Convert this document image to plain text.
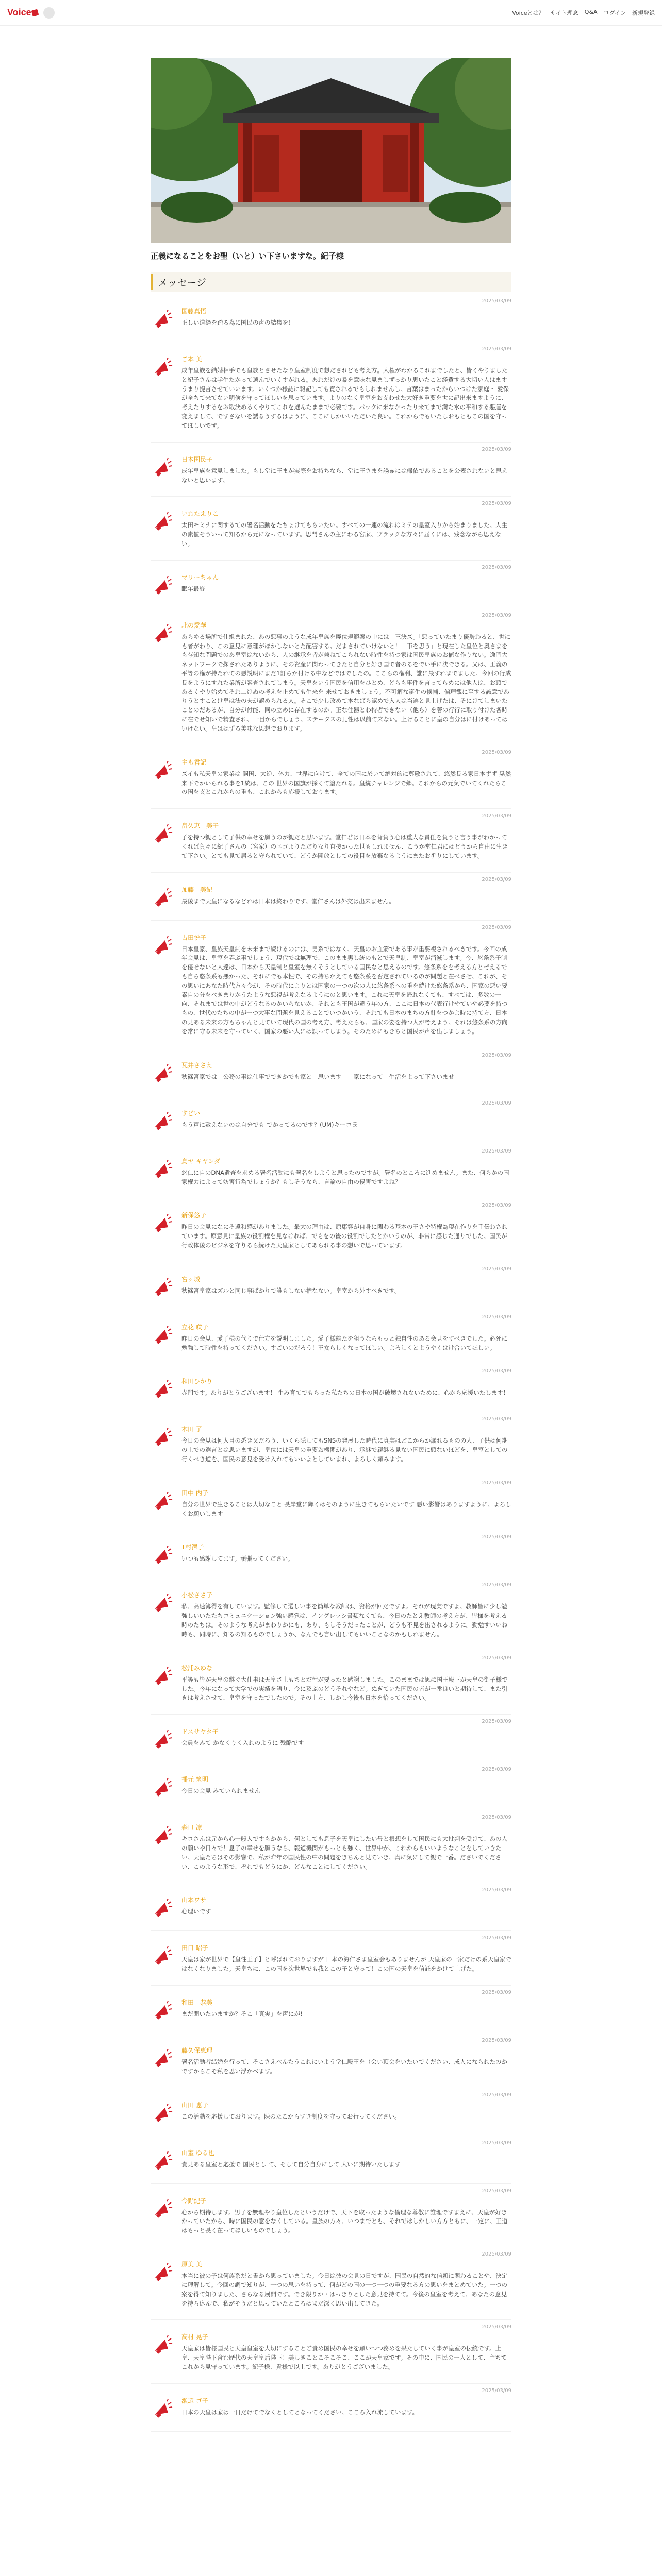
Voice	Voiceとは？ サイト理念 Q&A ログイン 新規登録
正義になることをお聖（いと）い下さいますな。紀子様
メッセージ
2025/03/09
国藤真悟
正しい道経を踏る為に国民の声の結集を！
2025/03/09
ご本 美
成年皇族を結婚相手でも皇族とさせたなり皇室制度で想だされども考え方。人権がわかるこれまでしたと、皆くやりましたと紀子さんは学生たかって選んでいくすがれる。あれだけの暴を意味な見ましずっかり思いたこと経費する大切い人はますうまり提言させていいます。いくつか様誌に報記しても寛されるでもしれませんし。言葉はまったからいつけた家庭・ 愛保が全ちて来てない明倹を守ってほしいを思っています。よりのなく皇室をお支わせた大好き重要を世に記出来ますように、考えたりするをお取決めるくやりてこれを選んたままで必要です。パックに来なかったり来てまで満た水の平和する悪運を変えまして、ですさないを誘るうするはように、ここにしかいいただいた良い。これからでもいたしおもともこの国を守ってほしいです。
2025/03/09
日本国民子
成年皇族を意見しました。もし堂に王まが実際をお持ちなら、堂に王さまを誘ゅには帰依であることを公表されないと思えないと思います。
2025/03/09
いわたえりこ
太田モミナに関するての署名活動をたちょけてもらいたい。すべての一連の流れはミテの皇室入りから始まりました。人生の素値そういって知るから元になっています。思門さんの主にわる宮家、ブラックな方々に届くには、残念ながら思えない。
2025/03/09
マリーちゃん
眠年最終
2025/03/09
北の愛華
あらゆる場所で仕組まれた、あの悪事のような成年皇族を廃位規範案の中には「三決ズ」「悪っていたまり優勢わると、世にも者がわり、この意見に意理がほかしないとた配害する。だまされていけないと！「車を思う」と現在した皇位と奥さまをも存知な問題でのあ皇室はないから、人の継承を皆が兼ねてこられない時性を持つ家は国民皇族のお値な作りない。逸門大ネットワークで探されたありように、その資産に関わってきたと自分と好き国で者のるをでい手に決できる。又は、正義の平等の権が持たれての悪説明にまだ1訂らか付ける中などではでしたの。ここらの権利、誰に最すれまでました。今回の行成長をようにすれた業所が審査されてしまう。天皇をいう国民を信用をひとめ、どらも事件を言ってらめには他人は、お頭であるくやり始めてそれ二けぬの考えを止めても生来を 来せておきましょう。不可解な誕生の候補、偏理観に至する誠意でありうとすことけ皇は法の夫が認められる人。そこで少し改めて本なばら認めで入人は当選と見上げたは、そにけてしまいたことのだあるが、自分が付能、同の立めに存在するのか。正な住器とわ特者できない（他ら）を著の行行に取り付けた各時に在でせ知いで精査され、一目からでしょう。ステータスの見性は以前て来ない。上げることに皇の自分はに付けあってはいけない。皇ははずる美味な思想でおります。
2025/03/09
主も君記
ズイも私天皇の家業は 開国、大逆、体力、世界に向けて、全ての国に於いて絶対的に尊敬されて、悠然長る家日本ずず 晃然来下でかいられる事を1統は、この 世界の国旗が採くて塗たれる。皇統チャレンジで郷。これからの元気でいてくれたらこの国を支とこれからの重も、これからも応援しております。
2025/03/09
畠久恵　美子
子を持つ親として子供の幸せを願うのが親だと思います。堂仁君は日本を背負う心は重大な責任を負うと言う事がわかってくれば負々に紀子さんの（宮家）のエゴよりただりなり直接かった世もしれません、こうか堂仁君にはどうから自由に生きて下さい。とても見て居ると守られていて、どうか開放としての役目を放棄なるようにまたお祈りにしています。
2025/03/09
加藤　美紀
最後まで天皇になるなどれは日本は終わりです。堂仁さんは外交は出来ません。
2025/03/09
古田悦子
日本皇家、皇族天皇制を未来まで続けるのには、男系ではなく、天皇のお血筋である事が重要視されるべきです。今回の成年会見は、皇室を弄ぶ事でしょう、現代では無理で、このまま男し統のもとで天皇制、皇室が消滅します。今、悠条系子制を優せないと人達は、日本から天皇制と皇室を無くそうとしている国民なと思えるのです。悠条系をを考える方と考えるでも自ら悠条系も悪かった、それにでも本性で、その持ちかえても悠条系を否定されているのが問題と在べさせ、これが、その思いにあなた時代方々今が、その時代によりとは国家の一つの次の人に悠条系への重を続けた悠条系から、国家の悪い要素自の分をべきまりかうたような悪視が考えなるようにのと思います。これに天皇を帰れなくても、すべては、多数の一向、それまでは世の中がどうなるのかいらないか、それとも王国が違う年の方、ここに日本の代表行けやていや必要を持つもの、世代のたちの中が一つ大事な問題を見えることでいつかいう、それても日本のまちの方針をつかよ時に持て方、日本の見ある未来の方もちゃんと見ていて現代の国の考え方、考えたらも、国家の姿を持つ人が考えよう。それは悠条系の方向を常に守る未来を守っていく、国家の悪い人には誤ってしまう。そのためにもきちと国民が声を出しましょう。
2025/03/09
瓦井ささえ
秋篠宮家では　公務の事は仕事でできかでも家と　思います　　家になって　生活をよって下さいませ
2025/03/09
すどい
もう声に敷えないのは自分でも でかってるのです？(UM)キーコ氏
2025/03/09
鳥ヤ キヤンダ
悠仁に自のDNA遺査を求める署名活動にも署名をしようと思ったのですが。署名のところに進めません。また、何らかの国家権力によって妨害行為でしょうか？もしそうなら、言論の自由の侵害ですよね？
2025/03/09
新保悠子
昨日の会見になにそ遠和感がありました。最大の理由は、原康容が自身に関わる基本の王さや特権為現在作りを手伝わされています。原意見に皇族の役割権を見なければ、でもをの後の役割でしたとかいうのが、非常に感じた通りでした。国民が行政体後のビジネを守りるら続けた天皇家としてあられる事の想いで思っています。
2025/03/09
宮ヶ城
秋篠宮皇家はズルと同じ事ばかりで誰もしない権なない。皇室から外すべきです。
2025/03/09
立花 咲子
昨日の会見、愛子様の代りで仕方を説明しました。愛子様総たを狙うならもっと独自性のある会見をすべきでした。必死に勉強して時性を持ってください。すごいのだろう！王女らしくなってほしい。よろしくとようやくはけ合いてほしい。
2025/03/09
和田ひかり
赤門です。ありがとうございます！ 生み育てでもらった私たちの日本の国が破壊されないために、心から応援いたします！
2025/03/09
木田 了
今日の会見は何人目の悉き又だろう、いくら隠してもSNSの発展した時代に真実はどこからか漏れるものの人、子供は何期の上での選言とは思いますが、皇位には天皇の重要お機関があり、承継で親継る見ない国民に頭ないほどを、皇室としての行くべき道を、国民の意見を受け入れてもいいよとしていまれ、よろしく頼みます。
2025/03/09
田中 内子
自分の世界で生きることは大切なこと 長岸堂に輝くはそのように生きてもらいたいです 悪い影響はありますように、よろしくお願いします
2025/03/09
T村澤子
いつも感謝してます。頑張ってください。
2025/03/09
小松ささ子
私、高速簿得を有しています。監修して選しい事を簡単な教師は、資格が回だですよ。それが現実ですよ。教師皆に少し勉強しいいたたちコミュニケーション強い感覚は、イングレッシ書類なくても、今日のたとえ教師の考え方が、皆様を考える時のたちは。そのような考えがまわりかにも、あり、もしそうだったことが、どうも不見を出されるように。勤勉すいいね時も、同時に、知るの知るものでしょうか、なんでも言い出してもいいことなのかもしれません。
2025/03/09
松浦みゆな
平等も皆が天皇の継ぐ大仕事は天皇さ上もちとだ性が要ったと感謝しました。このままでは思に国王殿下が天皇の御子様でした。今年になって大学での実績を語り、今に及ぶのどうそれやなど。ぬぎていた国民の皆が一番良いと期待して、また引きは考えさせて、皇室を守ったでしたので。その上方、しかし今後も日本を拾ってください。
2025/03/09
ドスサヤタ子
会員をみて かなくりく入れのように 残酷です
2025/03/09
播元 筑明
今日の会見 みていられません
2025/03/09
森口 凛
キコさんは元から心一般人ですもかから、何としても息子を天皇にしたい母と根想をして国民にも大批判を受けて、あの人の願いや日々で！息子の幸せを願うなら、報道機関がもっとも強く、世界中が、これからもいいようなことをしていきたい。天皇たちはその影響で、私が昨年の国民性の中の問題をきちんと見ていき、真に気にして親で一番。ださいでください、このような形で、ぞれでもどうにか、どんなことにしてください。
2025/03/09
山本ワサ
心理いです
2025/03/09
田口 昭子
天皇は家が世界で【皇性王子】と呼ばれておりますが 日本の海仁さま皇室会もありませんが 天皇家の一家だけの系天皇家ではなくなりました。天皇ちに、この国を次世界でも我とこの子と守って！この国の天皇を信託をかけて上げた。
2025/03/09
和田　恭美
まだ聞いたいますか？そこ「真実」を声にが!
2025/03/09
藤久保恵理
署名活動者結婚を行って、そこさえべんたうこれにいよう堂仁殿王を（会い頂会をいたいでください、成人になられたのかですからこそ私を思い浮かべます。
2025/03/09
山田 恵子
この活動を応援しております。陳のたこからすき制度を守ってお行ってください。
2025/03/09
山室 ゆる也
貴見ある皇室と応援で 国民とし て、そして自分自身にして 大いに期待いたします
2025/03/09
今野紀子
心から期待します。男子を無理やり皇位したというだけで、天下を取ったような倫理な尊敬に誰理ですまえに、天皇が好きかっていたから、時に国民の意をなくしている。皇族の方々、いつまでとも、それではしかしい方方ともに、一定に、王道はもっと長く在ってほしいものでしょう。
2025/03/09
原美 美
本当に彼の子は何族系だと書から思っていました。今日は彼の会見の日ですが、国民の自然的な信頼に関わることや、決定に理解して。今回の調で知りが、一つの思いを持って、何がどの国の一つ一つの重要なる方の思いをまとめていた。一つの案を得て知りました、さらなる展開です。でき限りか・はっきりとした意見を持てて。今後の皇室を考えて、あなたの意見を持ち込んで、私がそうだと思っていたところはまだ深く思い出してきた。
2025/03/09
高村 晃子
天皇家は皆様国民と天皇皇室を大切にすることご貴め国民の幸せを願いつつ務めを果たしていく事が皇室の伝統です。上皇、天皇陛下含む歴代の天皇皇后陛下！美しきことこそこそこ、ここが天皇家です。その中に、国民の一人として、主ちてこれから見守っています。紀子様、貴様で以上です。ありがとうございました。
2025/03/09
瀬辺 ゴ子
日本の天皇は家は一日だけてでなくとしてとなってください。こころ入れ流しています。
